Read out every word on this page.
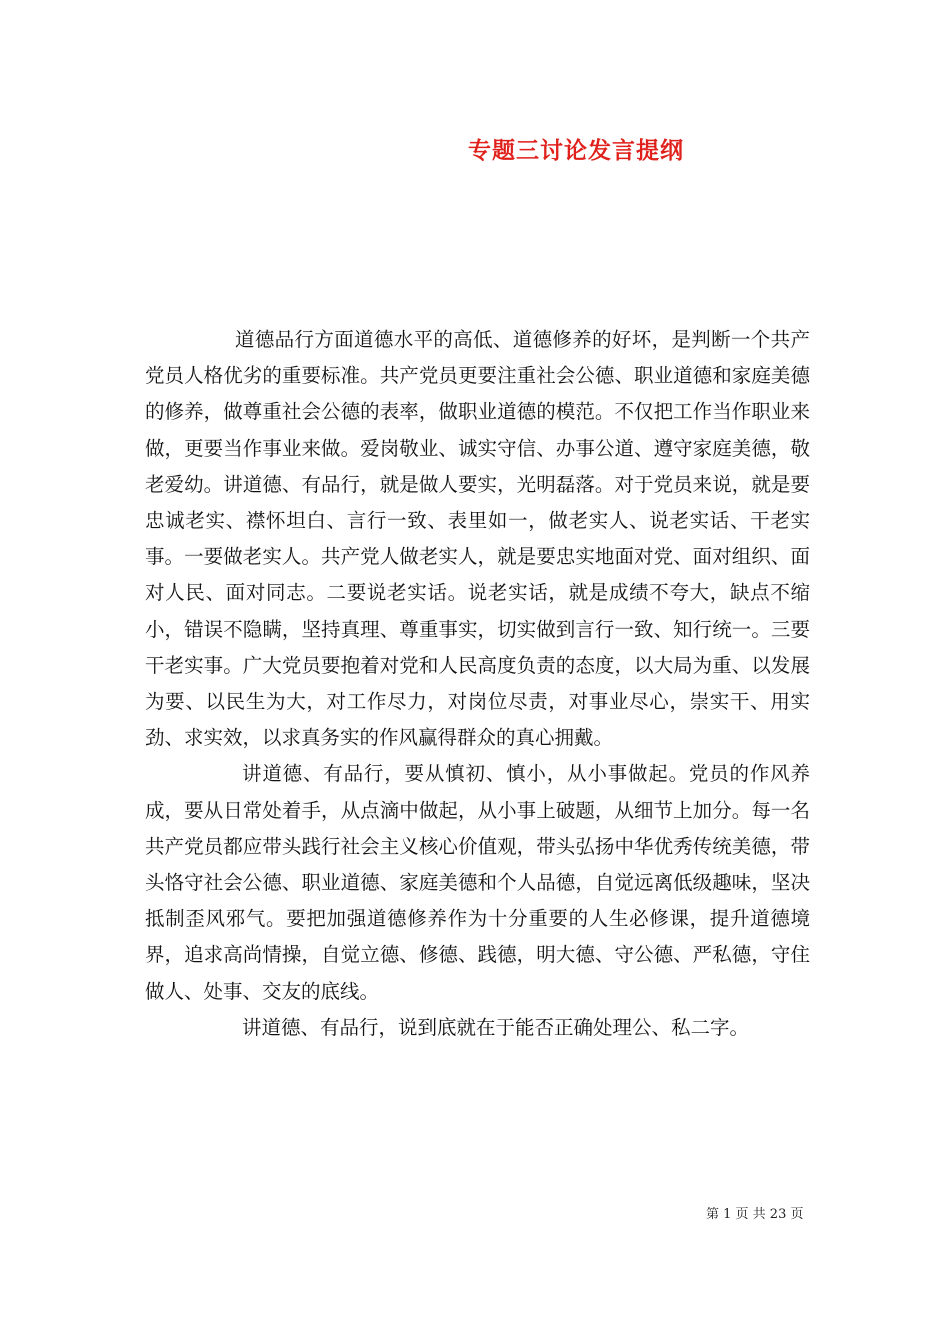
专题三讨论发言提纲

道德品行方面道德水平的高低、道德修养的好坏，是判断一个共产党员人格优劣的重要标准。共产党员更要注重社会公德、职业道德和家庭美德的修养，做尊重社会公德的表率，做职业道德的模范。不仅把工作当作职业来做，更要当作事业来做。爱岗敬业、诚实守信、办事公道、遵守家庭美德，敬老爱幼。讲道德、有品行，就是做人要实，光明磊落。对于党员来说，就是要忠诚老实、襟怀坦白、言行一致、表里如一，做老实人、说老实话、干老实事。一要做老实人。共产党人做老实人，就是要忠实地面对党、面对组织、面对人民、面对同志。二要说老实话。说老实话，就是成绩不夸大，缺点不缩小，错误不隐瞒，坚持真理、尊重事实，切实做到言行一致、知行统一。三要干老实事。广大党员要抱着对党和人民高度负责的态度，以大局为重、以发展为要、以民生为大，对工作尽力，对岗位尽责，对事业尽心，崇实干、用实劲、求实效，以求真务实的作风赢得群众的真心拥戴。

讲道德、有品行，要从慎初、慎小，从小事做起。党员的作风养成，要从日常处着手，从点滴中做起，从小事上破题，从细节上加分。每一名共产党员都应带头践行社会主义核心价值观，带头弘扬中华优秀传统美德，带头恪守社会公德、职业道德、家庭美德和个人品德，自觉远离低级趣味，坚决抵制歪风邪气。要把加强道德修养作为十分重要的人生必修课，提升道德境界，追求高尚情操，自觉立德、修德、践德，明大德、守公德、严私德，守住做人、处事、交友的底线。

讲道德、有品行，说到底就在于能否正确处理公、私二字。

第 1 页 共 23 页
